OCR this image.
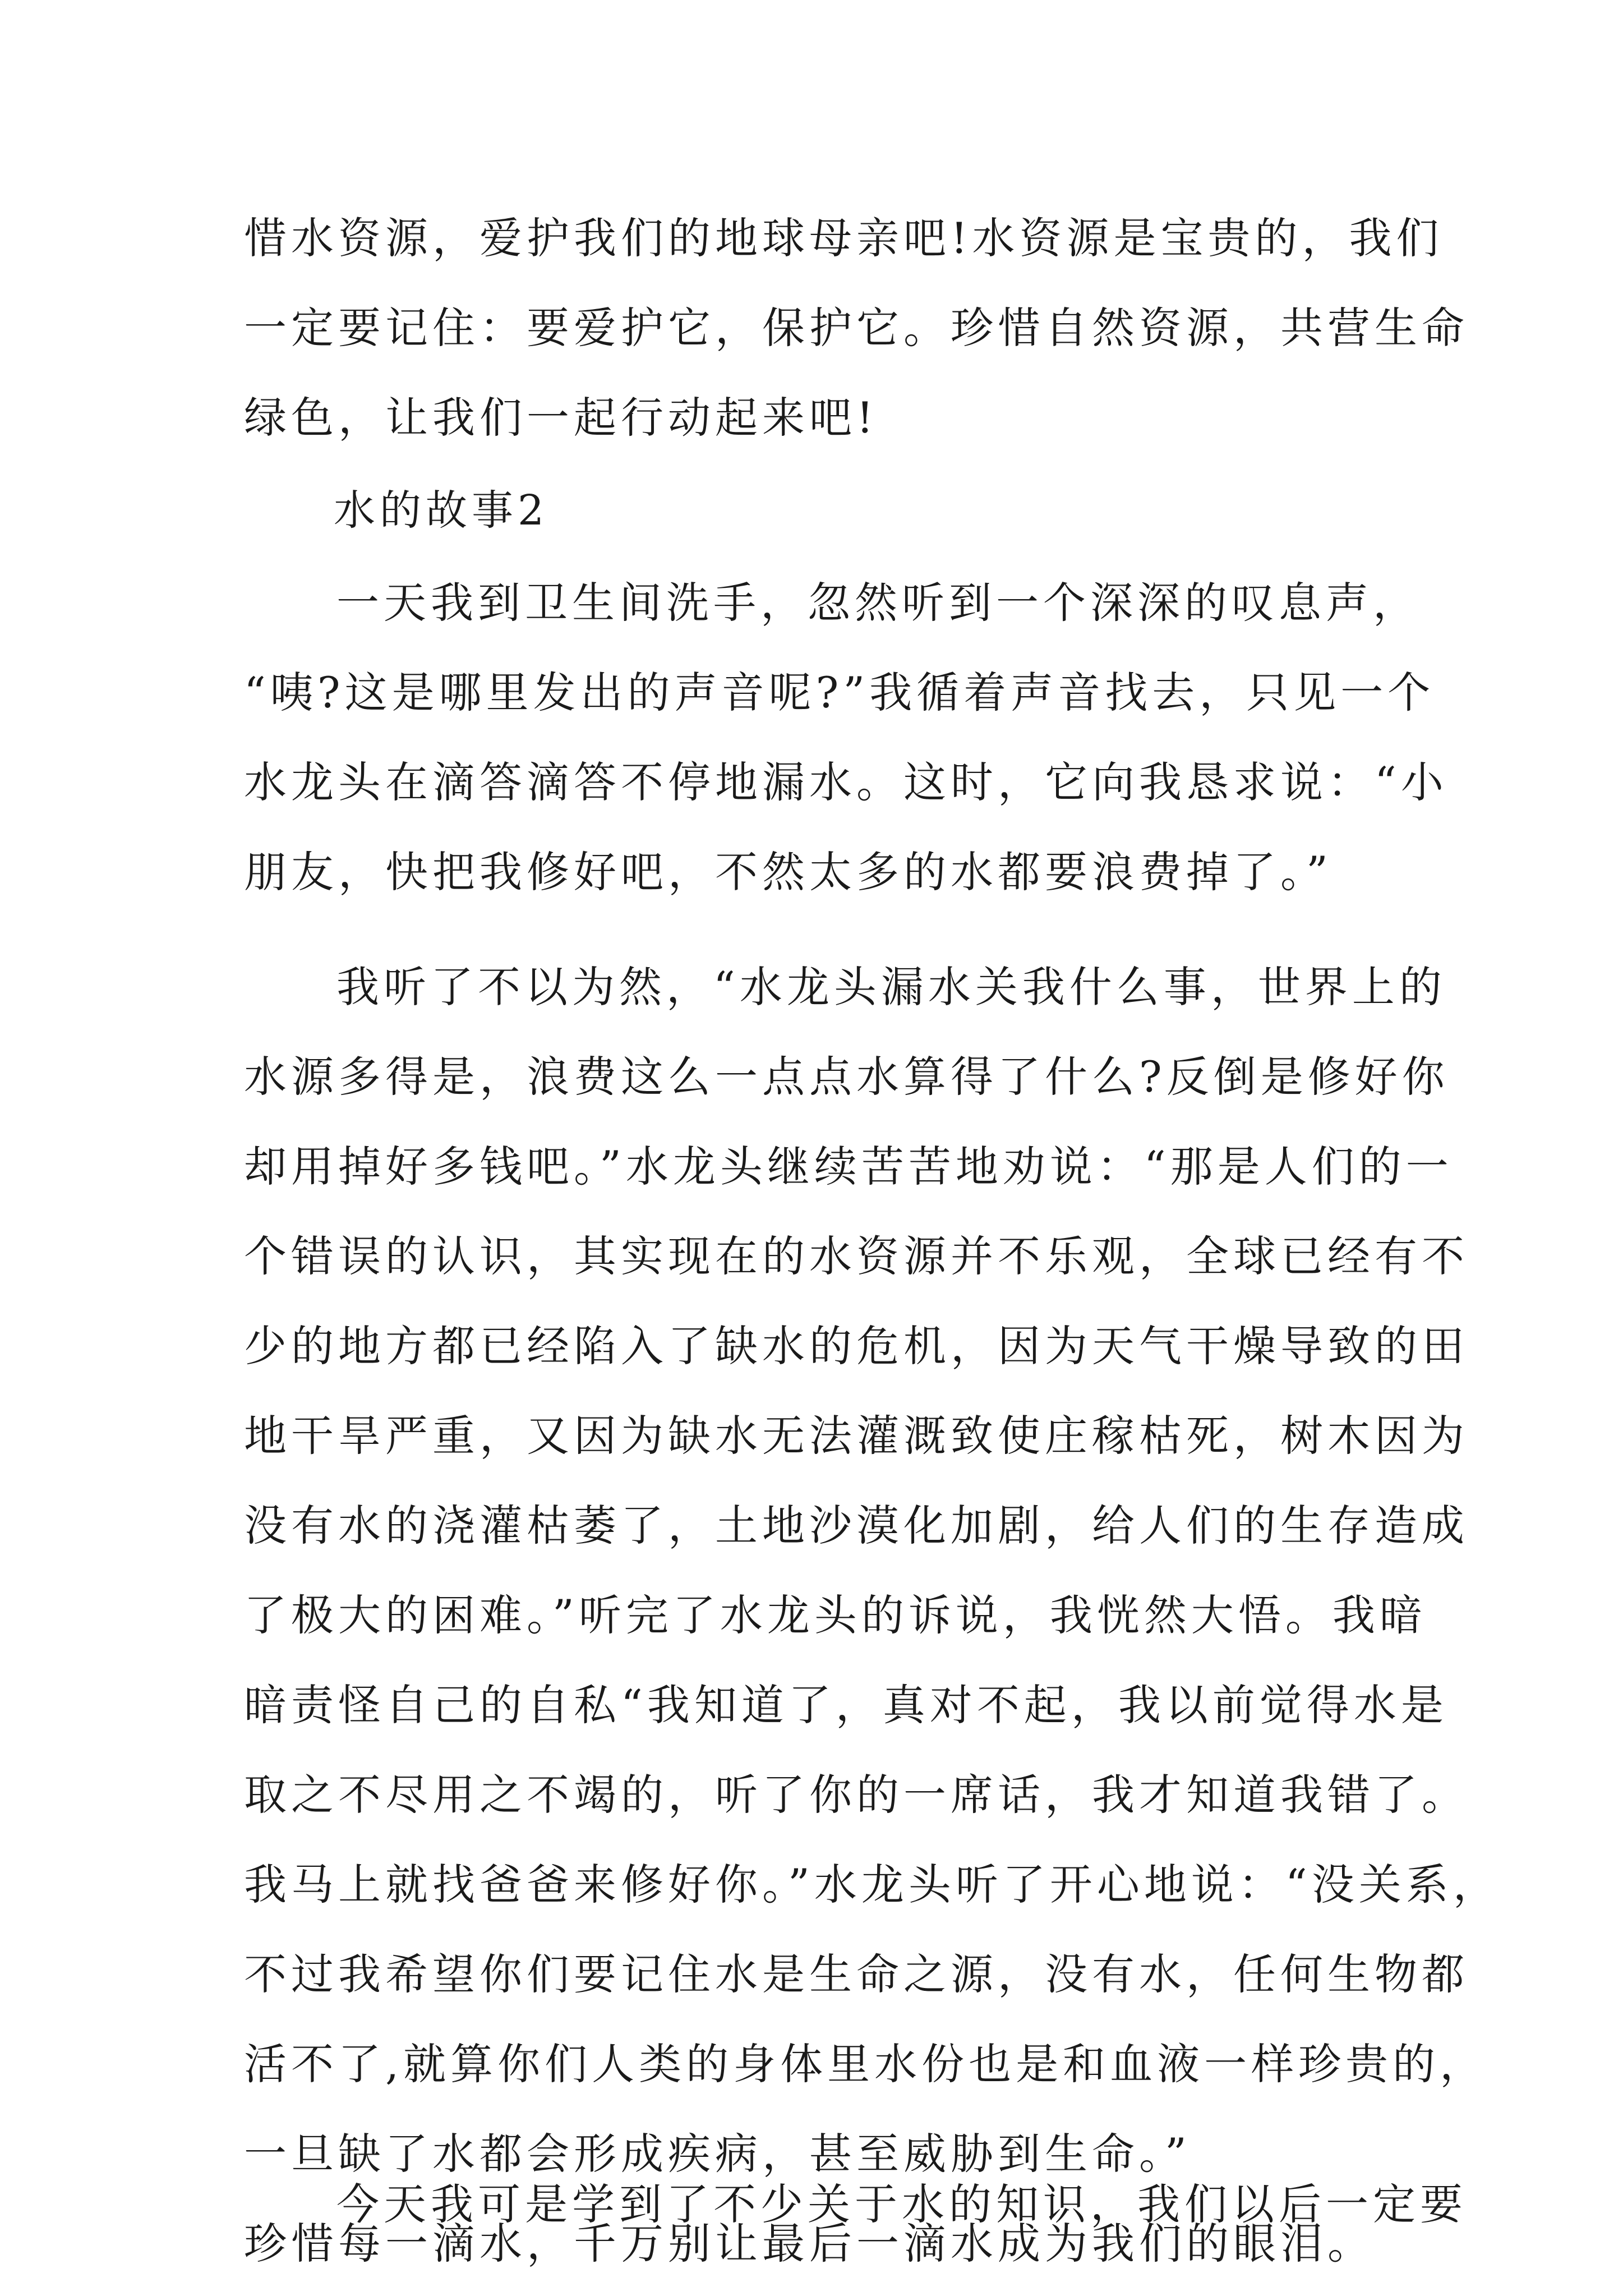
惜水资源，爱护我们的地球母亲吧!水资源是宝贵的，我们
一定要记住：要爱护它，保护它。珍惜自然资源，共营生命
绿色，让我们一起行动起来吧!
水的故事2
一天我到卫生间洗手，忽然听到一个深深的叹息声，
“咦?这是哪里发出的声音呢?”我循着声音找去，只见一个
水龙头在滴答滴答不停地漏水。这时，它向我恳求说：“小
朋友，快把我修好吧，不然太多的水都要浪费掉了。”
我听了不以为然，“水龙头漏水关我什么事，世界上的
水源多得是，浪费这么一点点水算得了什么?反倒是修好你
却用掉好多钱吧。”水龙头继续苦苦地劝说：“那是人们的一
个错误的认识，其实现在的水资源并不乐观，全球已经有不
少的地方都已经陷入了缺水的危机，因为天气干燥导致的田
地干旱严重，又因为缺水无法灌溉致使庄稼枯死，树木因为
没有水的浇灌枯萎了，土地沙漠化加剧，给人们的生存造成
了极大的困难。”听完了水龙头的诉说，我恍然大悟。我暗
暗责怪自己的自私“我知道了，真对不起，我以前觉得水是
取之不尽用之不竭的，听了你的一席话，我才知道我错了。
我马上就找爸爸来修好你。”水龙头听了开心地说：“没关系，
不过我希望你们要记住水是生命之源，没有水，任何生物都
活不了,就算你们人类的身体里水份也是和血液一样珍贵的，
一旦缺了水都会形成疾病，甚至威胁到生命。”
今天我可是学到了不少关于水的知识，我们以后一定要
珍惜每一滴水，千万别让最后一滴水成为我们的眼泪。
